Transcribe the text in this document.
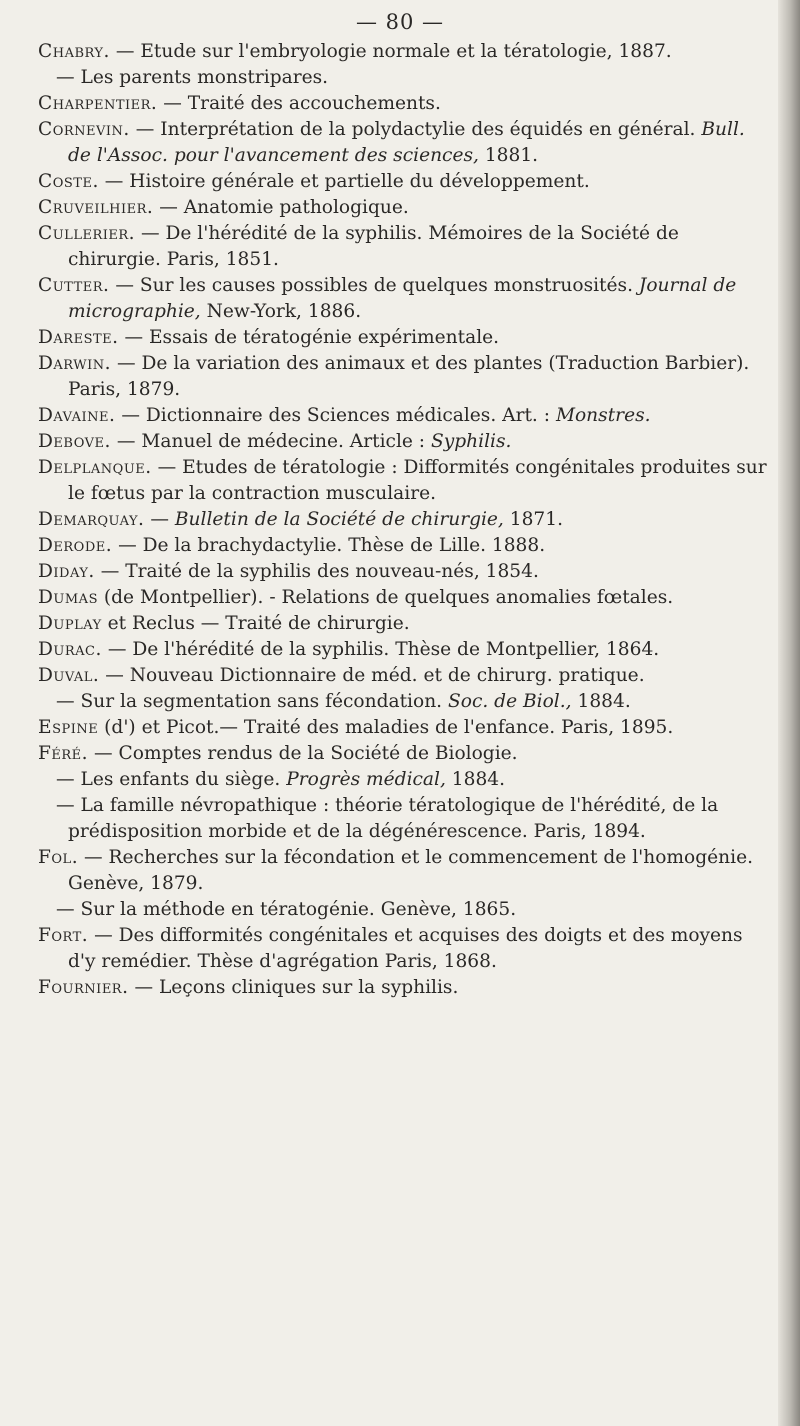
— 80 —

Chabry. — Etude sur l'embryologie normale et la tératologie, 1887.

— Les parents monstripares.

Charpentier. — Traité des accouchements.

Cornevin. — Interprétation de la polydactylie des équidés en général. Bull. de l'Assoc. pour l'avancement des sciences, 1881.

Coste. — Histoire générale et partielle du développement.

Cruveilhier. — Anatomie pathologique.

Cullerier. — De l'hérédité de la syphilis. Mémoires de la Société de chirurgie. Paris, 1851.

Cutter. — Sur les causes possibles de quelques monstruosités. Journal de micrographie, New-York, 1886.

Dareste. — Essais de tératogénie expérimentale.

Darwin. — De la variation des animaux et des plantes (Traduction Barbier). Paris, 1879.

Davaine. — Dictionnaire des Sciences médicales. Art. : Monstres.

Debove. — Manuel de médecine. Article : Syphilis.

Delplanque. — Etudes de tératologie : Difformités congénitales produites sur le fœtus par la contraction musculaire.

Demarquay. — Bulletin de la Société de chirurgie, 1871.

Derode. — De la brachydactylie. Thèse de Lille. 1888.

Diday. — Traité de la syphilis des nouveau-nés, 1854.

Dumas (de Montpellier). - Relations de quelques anomalies fœtales.

Duplay et Reclus — Traité de chirurgie.

Durac. — De l'hérédité de la syphilis. Thèse de Montpellier, 1864.

Duval. — Nouveau Dictionnaire de méd. et de chirurg. pratique.

— Sur la segmentation sans fécondation. Soc. de Biol., 1884.

Espine (d') et Picot.— Traité des maladies de l'enfance. Paris, 1895.

Féré. — Comptes rendus de la Société de Biologie.

— Les enfants du siège. Progrès médical, 1884.

— La famille névropathique : théorie tératologique de l'hérédité, de la prédisposition morbide et de la dégénérescence. Paris, 1894.

Fol. — Recherches sur la fécondation et le commencement de l'homogénie. Genève, 1879.

— Sur la méthode en tératogénie. Genève, 1865.

Fort. — Des difformités congénitales et acquises des doigts et des moyens d'y remédier. Thèse d'agrégation Paris, 1868.

Fournier. — Leçons cliniques sur la syphilis.
